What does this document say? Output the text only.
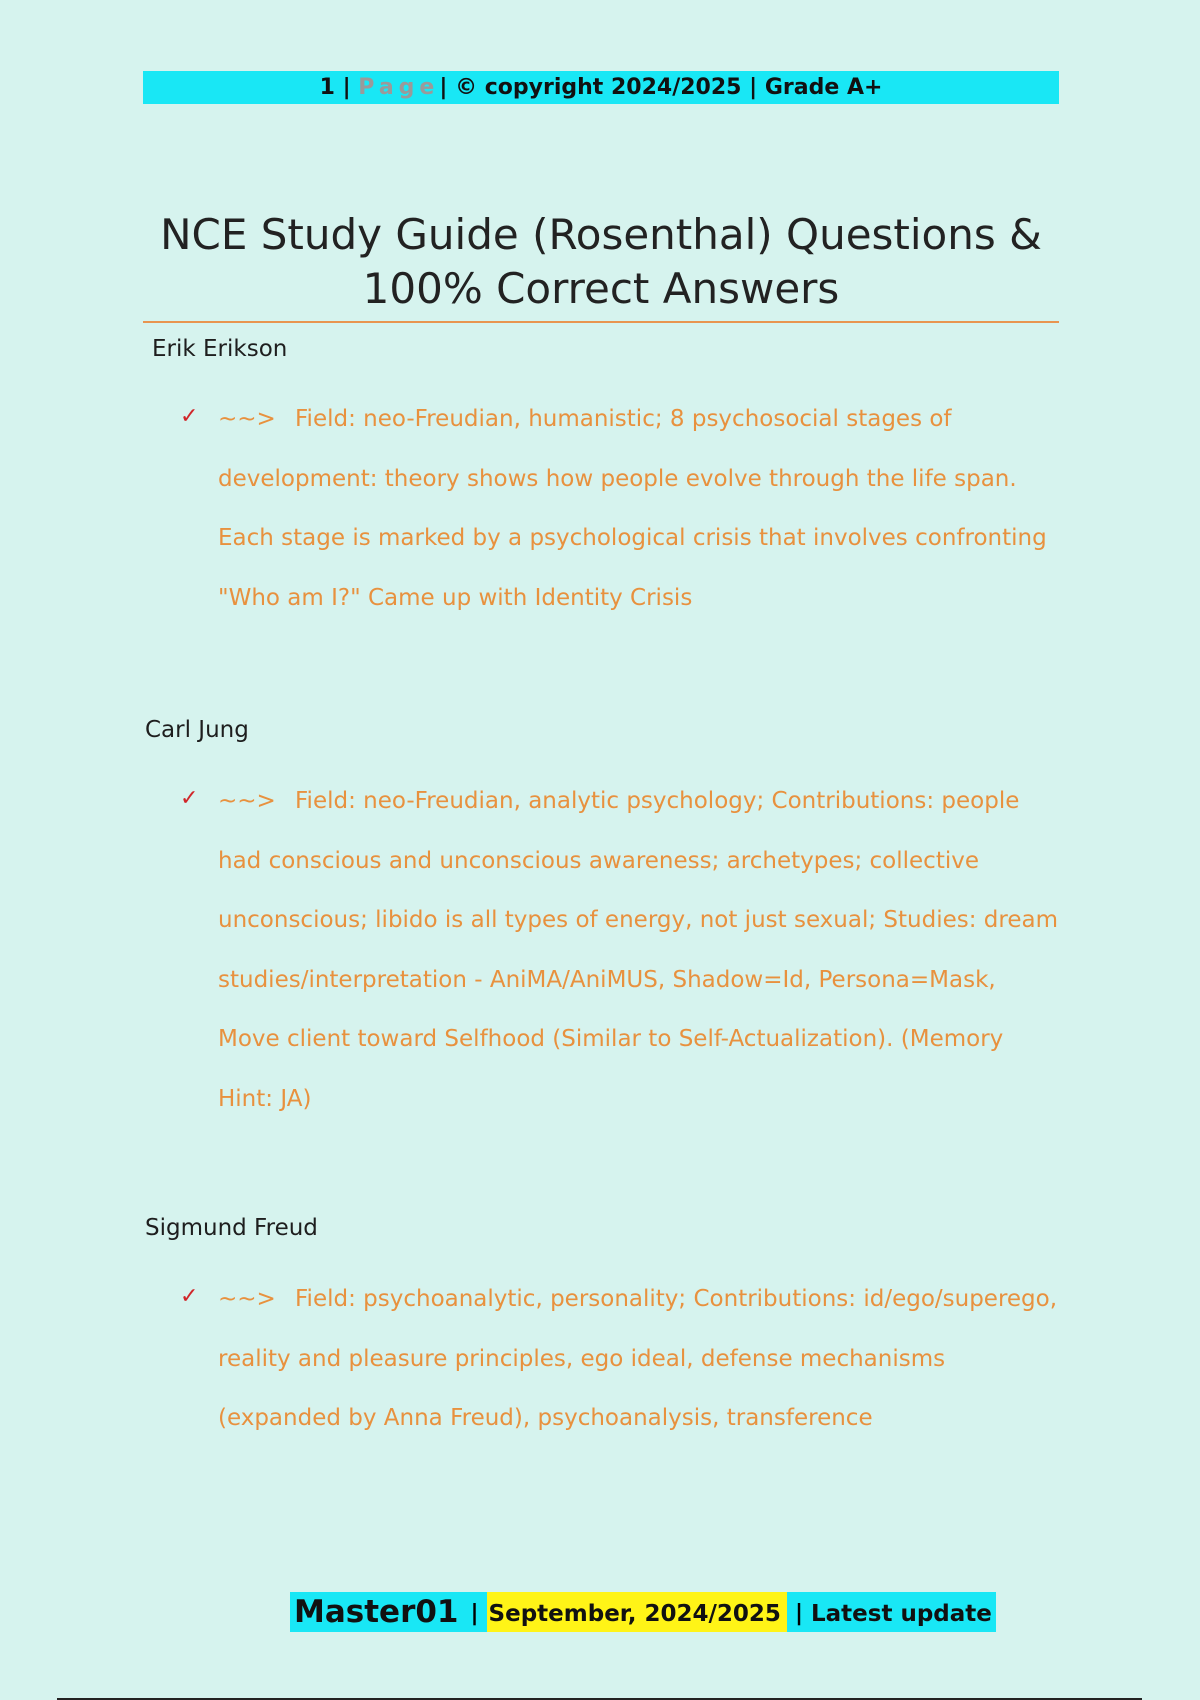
1 | Page| © copyright 2024/2025 | Grade A+
NCE Study Guide (Rosenthal) Questions & 100% Correct Answers
Erik Erikson
✓ ~~> Field: neo-Freudian, humanistic; 8 psychosocial stages of development: theory shows how people evolve through the life span. Each stage is marked by a psychological crisis that involves confronting "Who am I?" Came up with Identity Crisis
Carl Jung
✓ ~~> Field: neo-Freudian, analytic psychology; Contributions: people had conscious and unconscious awareness; archetypes; collective unconscious; libido is all types of energy, not just sexual; Studies: dream studies/interpretation - AniMA/AniMUS, Shadow=Id, Persona=Mask, Move client toward Selfhood (Similar to Self-Actualization). (Memory Hint: JA)
Sigmund Freud
✓ ~~> Field: psychoanalytic, personality; Contributions: id/ego/superego, reality and pleasure principles, ego ideal, defense mechanisms (expanded by Anna Freud), psychoanalysis, transference
Master01 | September, 2024/2025 | Latest update
